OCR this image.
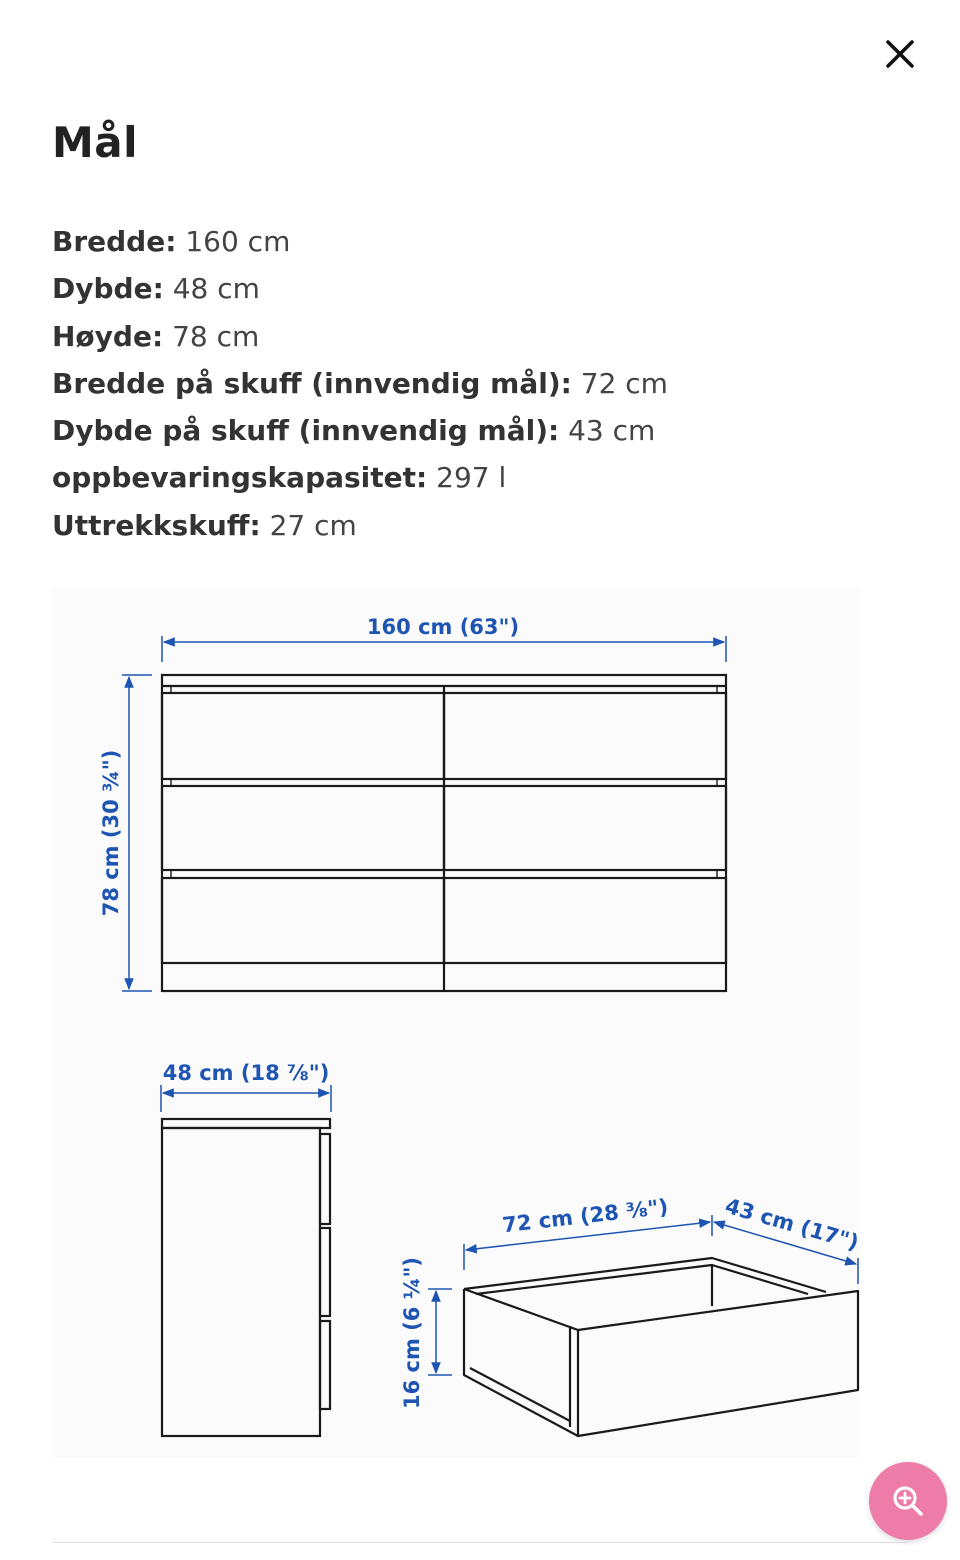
Mål
Bredde: 160 cm
Dybde: 48 cm
Høyde: 78 cm
Bredde på skuff (innvendig mål): 72 cm
Dybde på skuff (innvendig mål): 43 cm
oppbevaringskapasitet: 297 l
Uttrekkskuff: 27 cm
160 cm (63")
78 cm (30 ¾")
48 cm (18 ⅞")
72 cm (28 ⅜")	43 cm (17")
16 cm (6 ¼")
